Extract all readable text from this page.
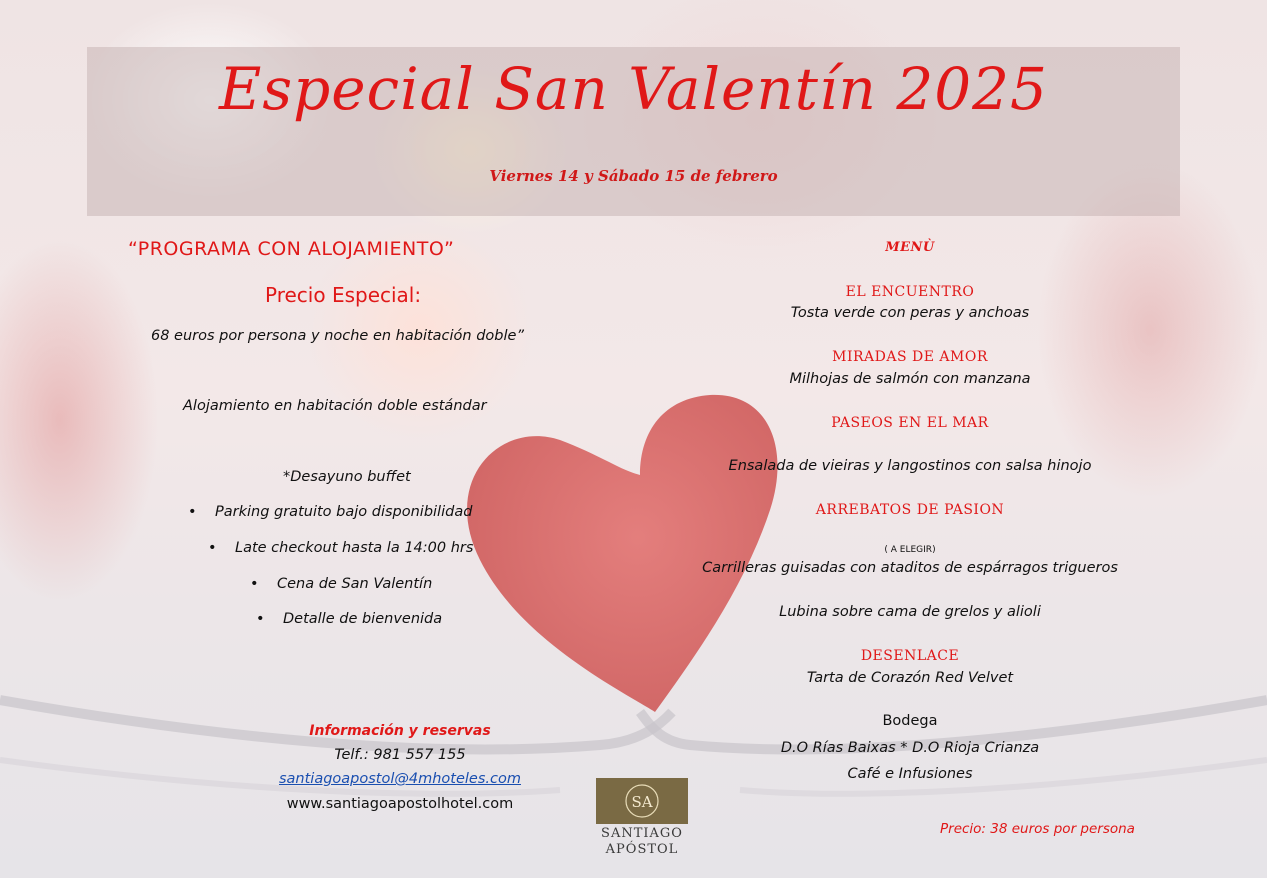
Especial San Valentín 2025
Viernes 14 y Sábado 15 de febrero
“PROGRAMA CON ALOJAMIENTO”
Precio Especial:
68 euros por persona y noche en habitación doble”
Alojamiento en habitación doble estándar
*Desayuno buffet
• Parking gratuito bajo disponibilidad
• Late checkout hasta la 14:00 hrs
• Cena de San Valentín
• Detalle de bienvenida
Información y reservas
Telf.: 981 557 155
santiagoapostol@4mhoteles.com
www.santiagoapostolhotel.com	SA
SANTIAGO
APÓSTOL
MENÙ
EL ENCUENTRO
Tosta verde con peras y anchoas
MIRADAS DE AMOR
Milhojas de salmón con manzana
PASEOS EN EL MAR
Ensalada de vieiras y langostinos con salsa hinojo
ARREBATOS DE PASION
( A ELEGIR)
Carrilleras guisadas con ataditos de espárragos trigueros
Lubina sobre cama de grelos y alioli
DESENLACE
Tarta de Corazón Red Velvet
Bodega
D.O Rías Baixas * D.O Rioja Crianza
Café e Infusiones
Precio: 38 euros por persona
